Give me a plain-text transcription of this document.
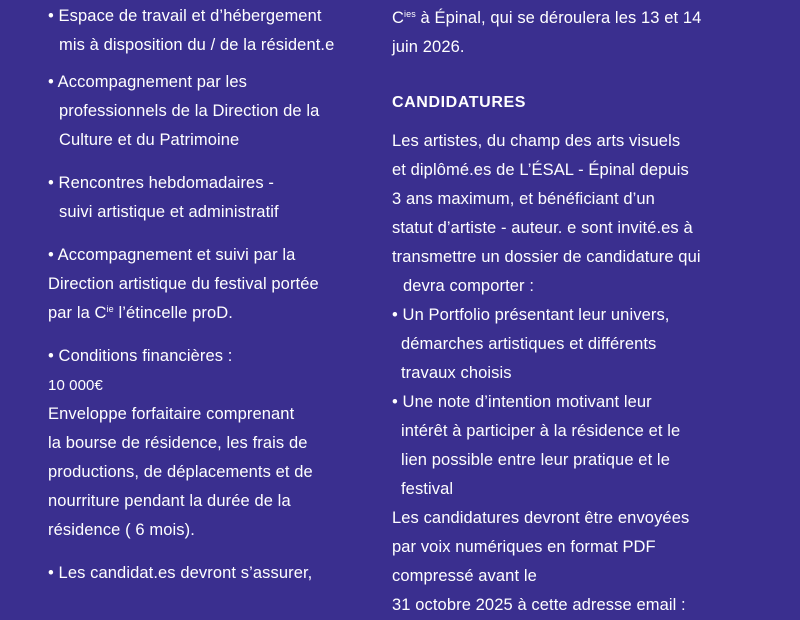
• Espace de travail et d’hébergement
mis à disposition du / de la résident.e
• Accompagnement par les
professionnels de la Direction de la
Culture et du Patrimoine
• Rencontres hebdomadaires -
suivi artistique et administratif
• Accompagnement et suivi par la
Direction artistique du festival portée
par la $C^{ie}$ l’étincelle proD.
• Conditions financières :
10 000€
Enveloppe forfaitaire comprenant
la bourse de résidence, les frais de
productions, de déplacements et de
nourriture pendant la durée de la
résidence ( 6 mois).
• Les candidat.es devront s’assurer,
$C^{ies}$ à Épinal, qui se déroulera les 13 et 14
juin 2026.
CANDIDATURES
Les artistes, du champ des arts visuels
et diplômé.es de L’ÉSAL - Épinal depuis
3 ans maximum, et bénéficiant d’un
statut d’artiste - auteur. e sont invité.es à
transmettre un dossier de candidature qui
devra comporter :
• Un Portfolio présentant leur univers,
démarches artistiques et différents
travaux choisis
• Une note d’intention motivant leur
intérêt à participer à la résidence et le
lien possible entre leur pratique et le
festival
Les candidatures devront être envoyées
par voix numériques en format PDF
compressé avant le
31 octobre 2025 à cette adresse email :
